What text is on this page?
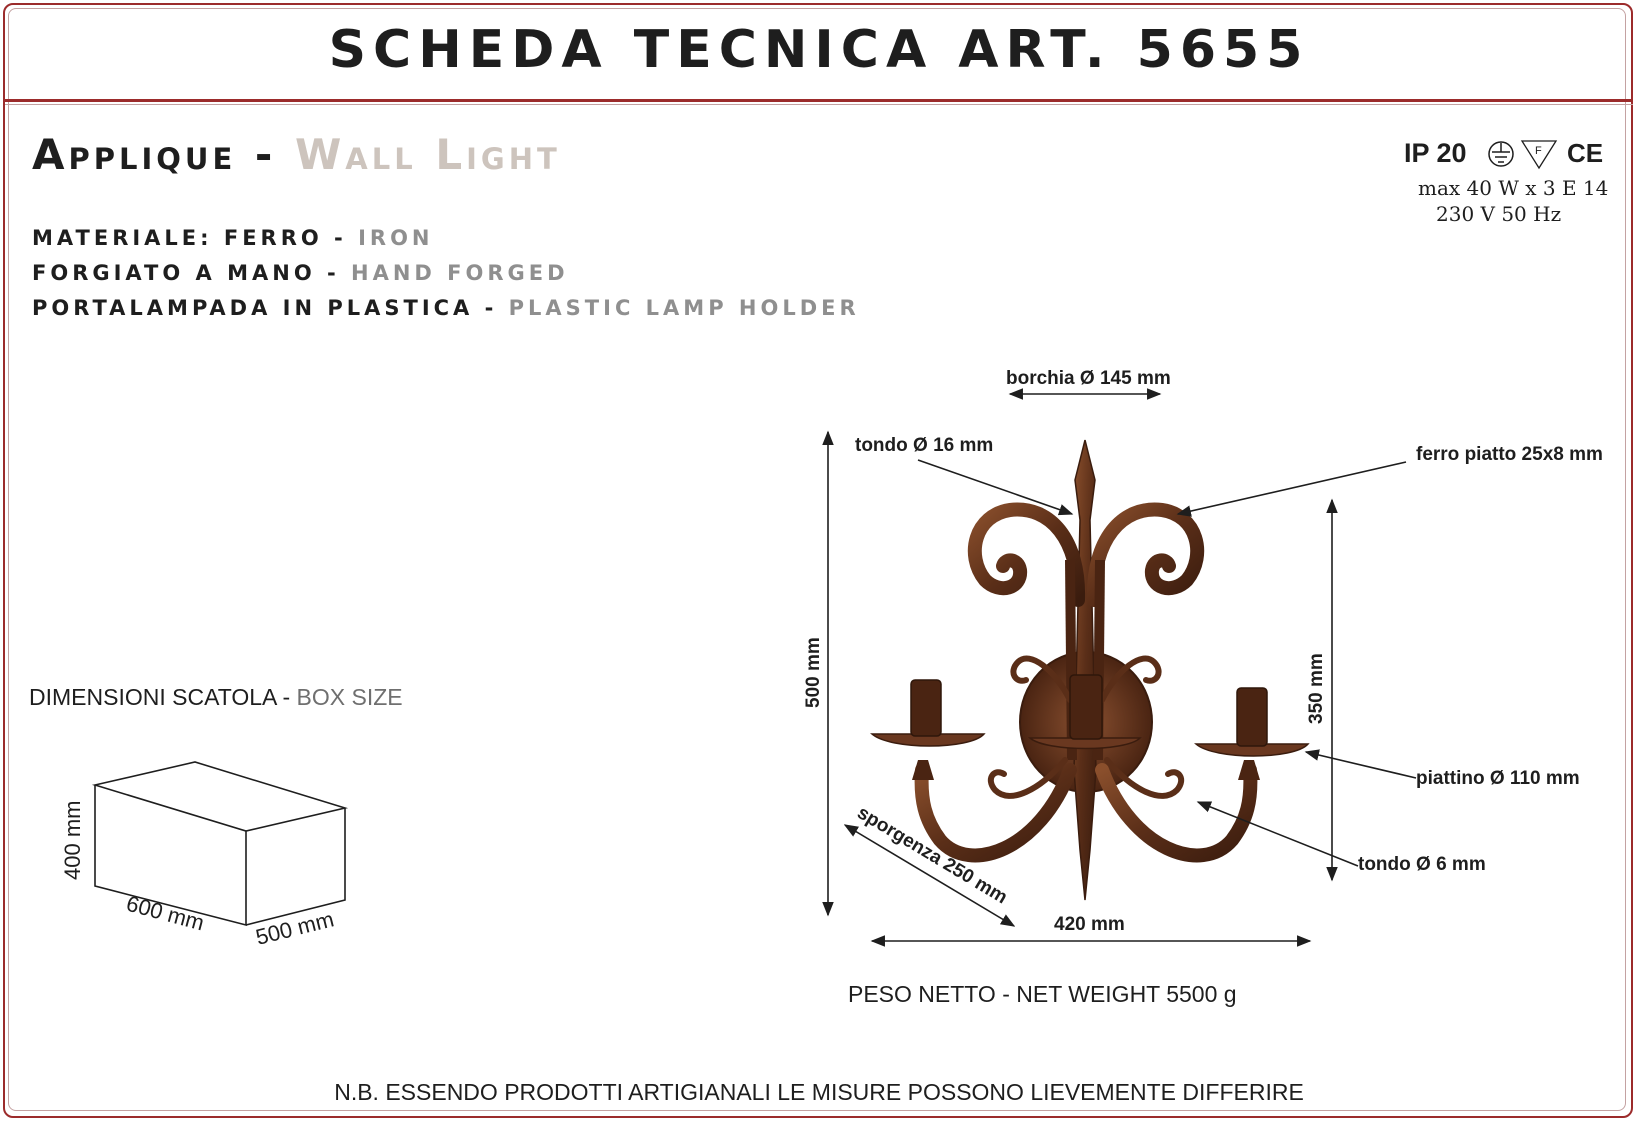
SCHEDA TECNICA ART. 5655
Applique - Wall Light
MATERIALE: FERRO - IRON
FORGIATO A MANO - HAND FORGED
PORTALAMPADA IN PLASTICA - PLASTIC LAMP HOLDER
IP 20	CE
max 40 W x 3 E 14
230 V 50 Hz
DIMENSIONI SCATOLA - BOX SIZE
F
400 mm
600 mm 500 mm
borchia Ø 145 mm
tondo Ø 16 mm	ferro piatto 25x8 mm
500 mm	350 mm
piattino Ø 110 mm
tondo Ø 6 mm
sporgenza 250 mm
420 mm
PESO NETTO - NET WEIGHT 5500 g
N.B. ESSENDO PRODOTTI ARTIGIANALI LE MISURE POSSONO LIEVEMENTE DIFFERIRE
